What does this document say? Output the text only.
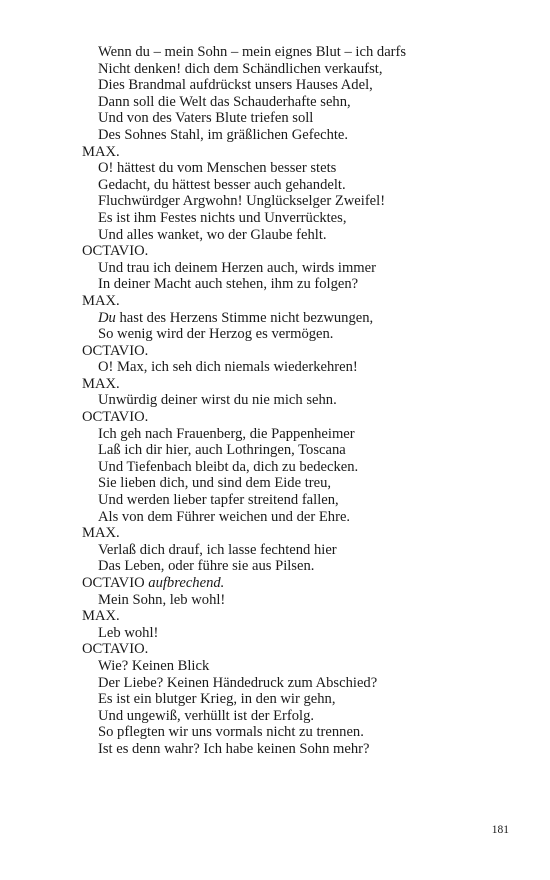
Wenn du – mein Sohn – mein eignes Blut – ich darfs
Nicht denken! dich dem Schändlichen verkaufst,
Dies Brandmal aufdrückst unsers Hauses Adel,
Dann soll die Welt das Schauderhafte sehn,
Und von des Vaters Blute triefen soll
Des Sohnes Stahl, im gräßlichen Gefechte.
MAX.
O! hättest du vom Menschen besser stets
Gedacht, du hättest besser auch gehandelt.
Fluchwürdger Argwohn! Unglückselger Zweifel!
Es ist ihm Festes nichts und Unverrücktes,
Und alles wanket, wo der Glaube fehlt.
OCTAVIO.
Und trau ich deinem Herzen auch, wirds immer
In deiner Macht auch stehen, ihm zu folgen?
MAX.
Du hast des Herzens Stimme nicht bezwungen,
So wenig wird der Herzog es vermögen.
OCTAVIO.
O! Max, ich seh dich niemals wiederkehren!
MAX.
Unwürdig deiner wirst du nie mich sehn.
OCTAVIO.
Ich geh nach Frauenberg, die Pappenheimer
Laß ich dir hier, auch Lothringen, Toscana
Und Tiefenbach bleibt da, dich zu bedecken.
Sie lieben dich, und sind dem Eide treu,
Und werden lieber tapfer streitend fallen,
Als von dem Führer weichen und der Ehre.
MAX.
Verlaß dich drauf, ich lasse fechtend hier
Das Leben, oder führe sie aus Pilsen.
OCTAVIO aufbrechend.
Mein Sohn, leb wohl!
MAX.
Leb wohl!
OCTAVIO.
Wie? Keinen Blick
Der Liebe? Keinen Händedruck zum Abschied?
Es ist ein blutger Krieg, in den wir gehn,
Und ungewiß, verhüllt ist der Erfolg.
So pflegten wir uns vormals nicht zu trennen.
Ist es denn wahr? Ich habe keinen Sohn mehr?
181
